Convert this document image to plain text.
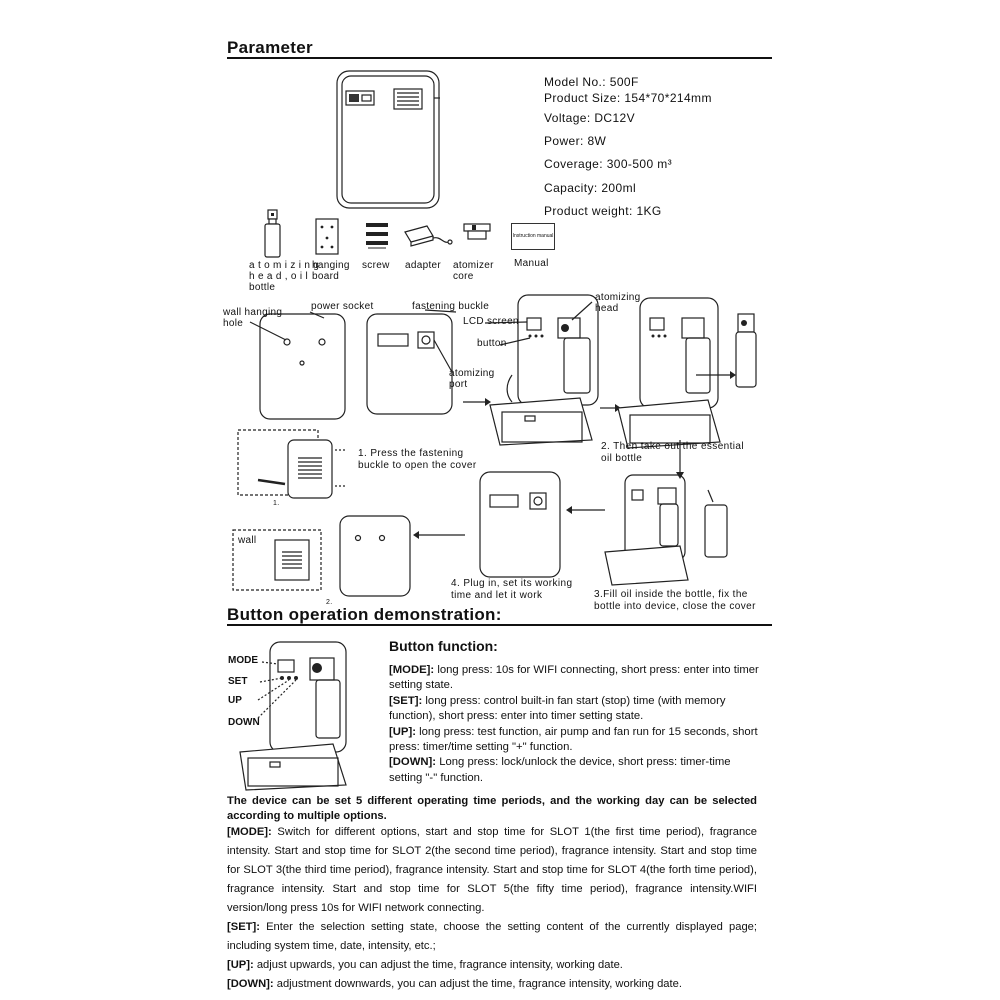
Parameter
Model No.: 500F
Product Size: 154*70*214mm
Voltage: DC12V
Power: 8W
Coverage: 300-500 m³
Capacity: 200ml
Product weight: 1KG
Instruction manual
a t o m i z i n g
h e a d , o i l
bottle
hanging
board
screw adapter atomizer
core
Manual
wall hanging
hole
power socket	fastening buckle
LCD screen
button
atomizing
port
atomizing
head
wall
1.
2.
1. Press the fastening
buckle to open the cover
2. Then take out the essential
oil bottle
3.Fill oil inside the bottle, fix the
bottle into device, close the cover
4. Plug in, set its working
time and let it work
Button operation demonstration:
MODE
SET
UP
DOWN
Button function:
[MODE]: long press: 10s for WIFI connecting, short press: enter into timer setting state.
[SET]: long press: control built-in fan start (stop) time (with memory function), short press: enter into timer setting state.
[UP]: long press: test function, air pump and fan run for 15 seconds, short press: timer/time setting "+" function.
[DOWN]: Long press: lock/unlock the device, short press: timer-time setting "-" function.
The device can be set 5 different operating time periods, and the working day can be selected according to multiple options.
[MODE]: Switch for different options, start and stop time for SLOT 1(the first time period), fragrance intensity. Start and stop time for SLOT 2(the second time period), fragrance intensity. Start and stop time for SLOT 3(the third time period), fragrance intensity. Start and stop time for SLOT 4(the forth time period), fragrance intensity. Start and stop time for SLOT 5(the fifty time period), fragrance intensity.WIFI version/long press 10s for WIFI network connecting.
[SET]: Enter the selection setting state, choose the setting content of the currently displayed page; including system time, date, intensity, etc.;
[UP]: adjust upwards, you can adjust the time, fragrance intensity, working date.
[DOWN]: adjustment downwards, you can adjust the time, fragrance intensity, working date.
